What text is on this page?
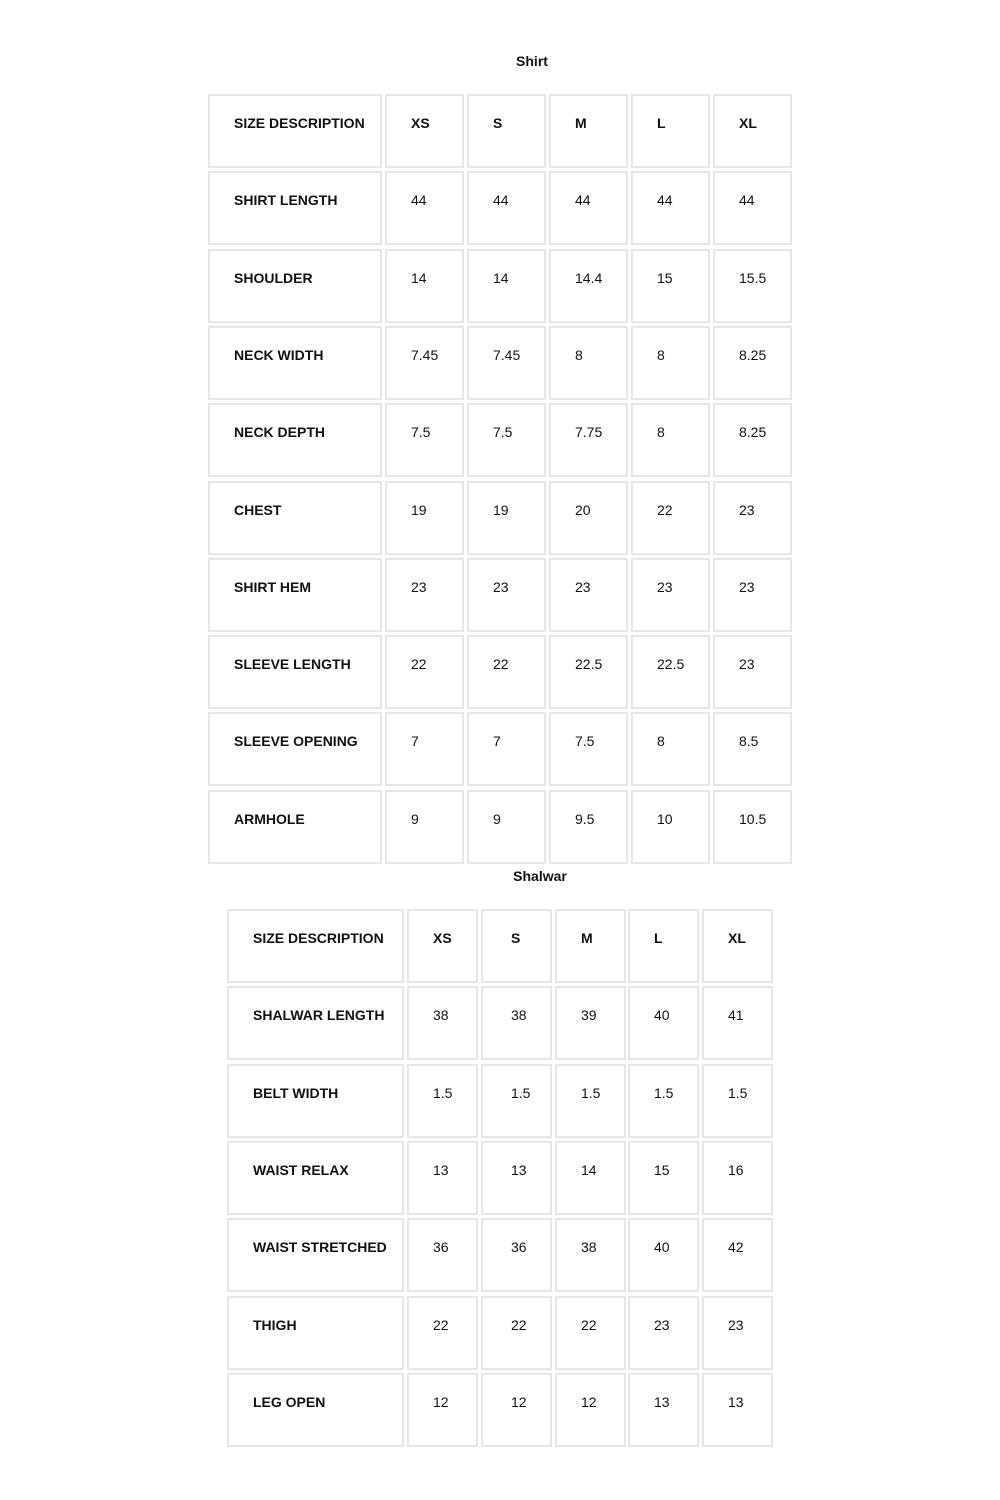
Shirt
SIZE DESCRIPTION	XS	S	M	L	XL
SHIRT LENGTH	44	44	44	44	44
SHOULDER	14	14	14.4	15	15.5
NECK WIDTH	7.45	7.45	8	8	8.25
NECK DEPTH	7.5	7.5	7.75	8	8.25
CHEST	19	19	20	22	23
SHIRT HEM	23	23	23	23	23
SLEEVE LENGTH	22	22	22.5	22.5	23
SLEEVE OPENING	7	7	7.5	8	8.5
ARMHOLE	9	9	9.5	10	10.5
Shalwar
SIZE DESCRIPTION	XS	S	M	L	XL
SHALWAR LENGTH	38	38	39	40	41
BELT WIDTH	1.5	1.5	1.5	1.5	1.5
WAIST RELAX	13	13	14	15	16
WAIST STRETCHED	36	36	38	40	42
THIGH	22	22	22	23	23
LEG OPEN	12	12	12	13	13
